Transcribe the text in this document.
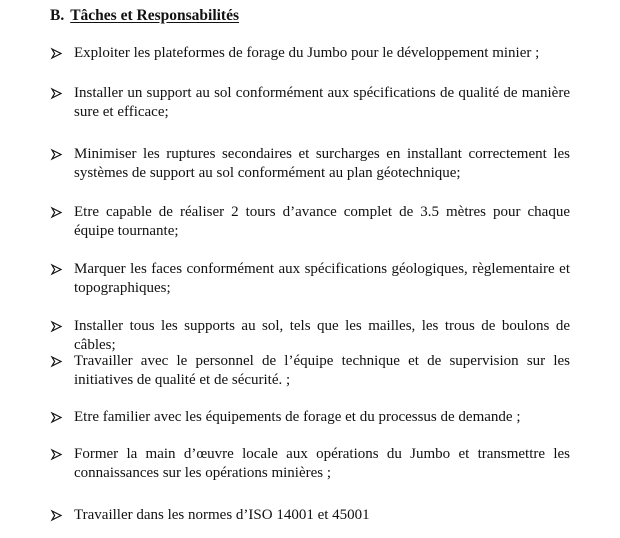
B. Tâches et Responsabilités
Exploiter les plateformes de forage du Jumbo pour le développement minier ;
Installer un support au sol conformément aux spécifications de qualité de manière sure et efficace;
Minimiser les ruptures secondaires et surcharges en installant correctement les systèmes de support au sol conformément au plan géotechnique;
Etre capable de réaliser 2 tours d’avance complet de 3.5 mètres pour chaque équipe tournante;
Marquer les faces conformément aux spécifications géologiques, règlementaire et topographiques;
Installer tous les supports au sol, tels que les mailles, les trous de boulons de câbles;
Travailler avec le personnel de l’équipe technique et de supervision sur les initiatives de qualité et de sécurité. ;
Etre familier avec les équipements de forage et du processus de demande ;
Former la main d’œuvre locale aux opérations du Jumbo et transmettre les connaissances sur les opérations minières ;
Travailler dans les normes d’ISO 14001 et 45001
